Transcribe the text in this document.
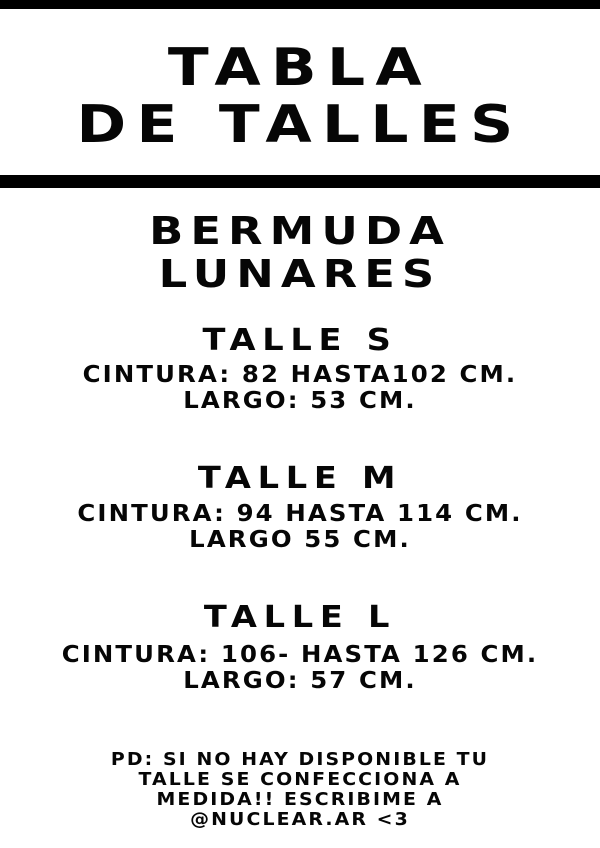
TABLA
DE TALLES
BERMUDA
LUNARES
TALLE S
CINTURA: 82 HASTA102 CM.
LARGO: 53 CM.
TALLE M
CINTURA: 94 HASTA 114 CM.
LARGO 55 CM.
TALLE L
CINTURA: 106- HASTA 126 CM.
LARGO: 57 CM.
PD: SI NO HAY DISPONIBLE TU
TALLE SE CONFECCIONA A
MEDIDA!! ESCRIBIME A
@NUCLEAR.AR <3
